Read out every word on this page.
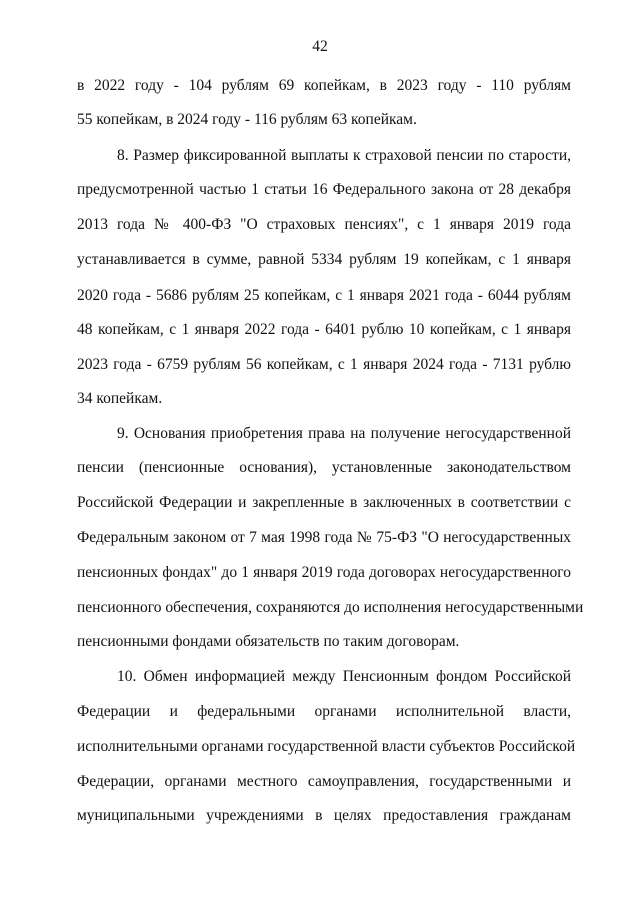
42
в 2022 году - 104 рублям 69 копейкам, в 2023 году - 110 рублям
55 копейкам, в 2024 году - 116 рублям 63 копейкам.
8. Размер фиксированной выплаты к страховой пенсии по старости,
предусмотренной частью 1 статьи 16 Федерального закона от 28 декабря
2013 года № 400-ФЗ "О страховых пенсиях", с 1 января 2019 года
устанавливается в сумме, равной 5334 рублям 19 копейкам, с 1 января
2020 года - 5686 рублям 25 копейкам, с 1 января 2021 года - 6044 рублям
48 копейкам, с 1 января 2022 года - 6401 рублю 10 копейкам, с 1 января
2023 года - 6759 рублям 56 копейкам, с 1 января 2024 года - 7131 рублю
34 копейкам.
9. Основания приобретения права на получение негосударственной
пенсии (пенсионные основания), установленные законодательством
Российской Федерации и закрепленные в заключенных в соответствии с
Федеральным законом от 7 мая 1998 года № 75-ФЗ "О негосударственных
пенсионных фондах" до 1 января 2019 года договорах негосударственного
пенсионного обеспечения, сохраняются до исполнения негосударственными
пенсионными фондами обязательств по таким договорам.
10. Обмен информацией между Пенсионным фондом Российской
Федерации и федеральными органами исполнительной власти,
исполнительными органами государственной власти субъектов Российской
Федерации, органами местного самоуправления, государственными и
муниципальными учреждениями в целях предоставления гражданам
